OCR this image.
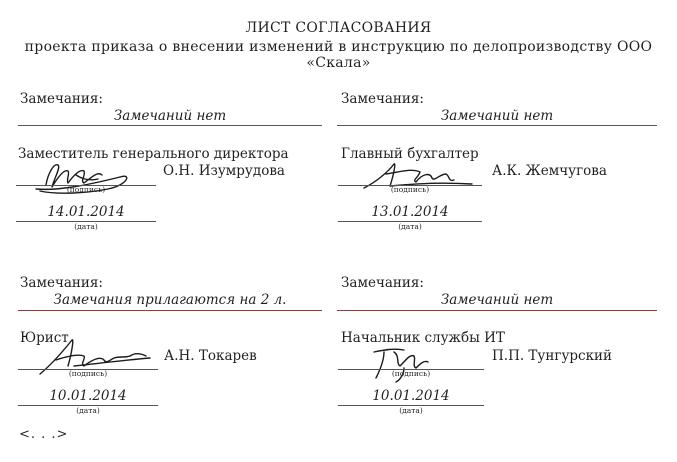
ЛИСТ СОГЛАСОВАНИЯ
проекта приказа о внесении изменений в инструкцию по делопроизводству ООО «Скала»
Замечания:
Замечаний нет
Заместитель генерального директора
(подпись)
О.Н. Изумрудова
14.01.2014
(дата)
Замечания:
Замечаний нет
Главный бухгалтер
(подпись)
А.К. Жемчугова
13.01.2014
(дата)
Замечания:
Замечания прилагаются на 2 л.
Юрист
(подпись)
А.Н. Токарев
10.01.2014
(дата)
Замечания:
Замечаний нет
Начальник службы ИТ
(подпись)
П.П. Тунгурский
10.01.2014
(дата)
<. . .>
